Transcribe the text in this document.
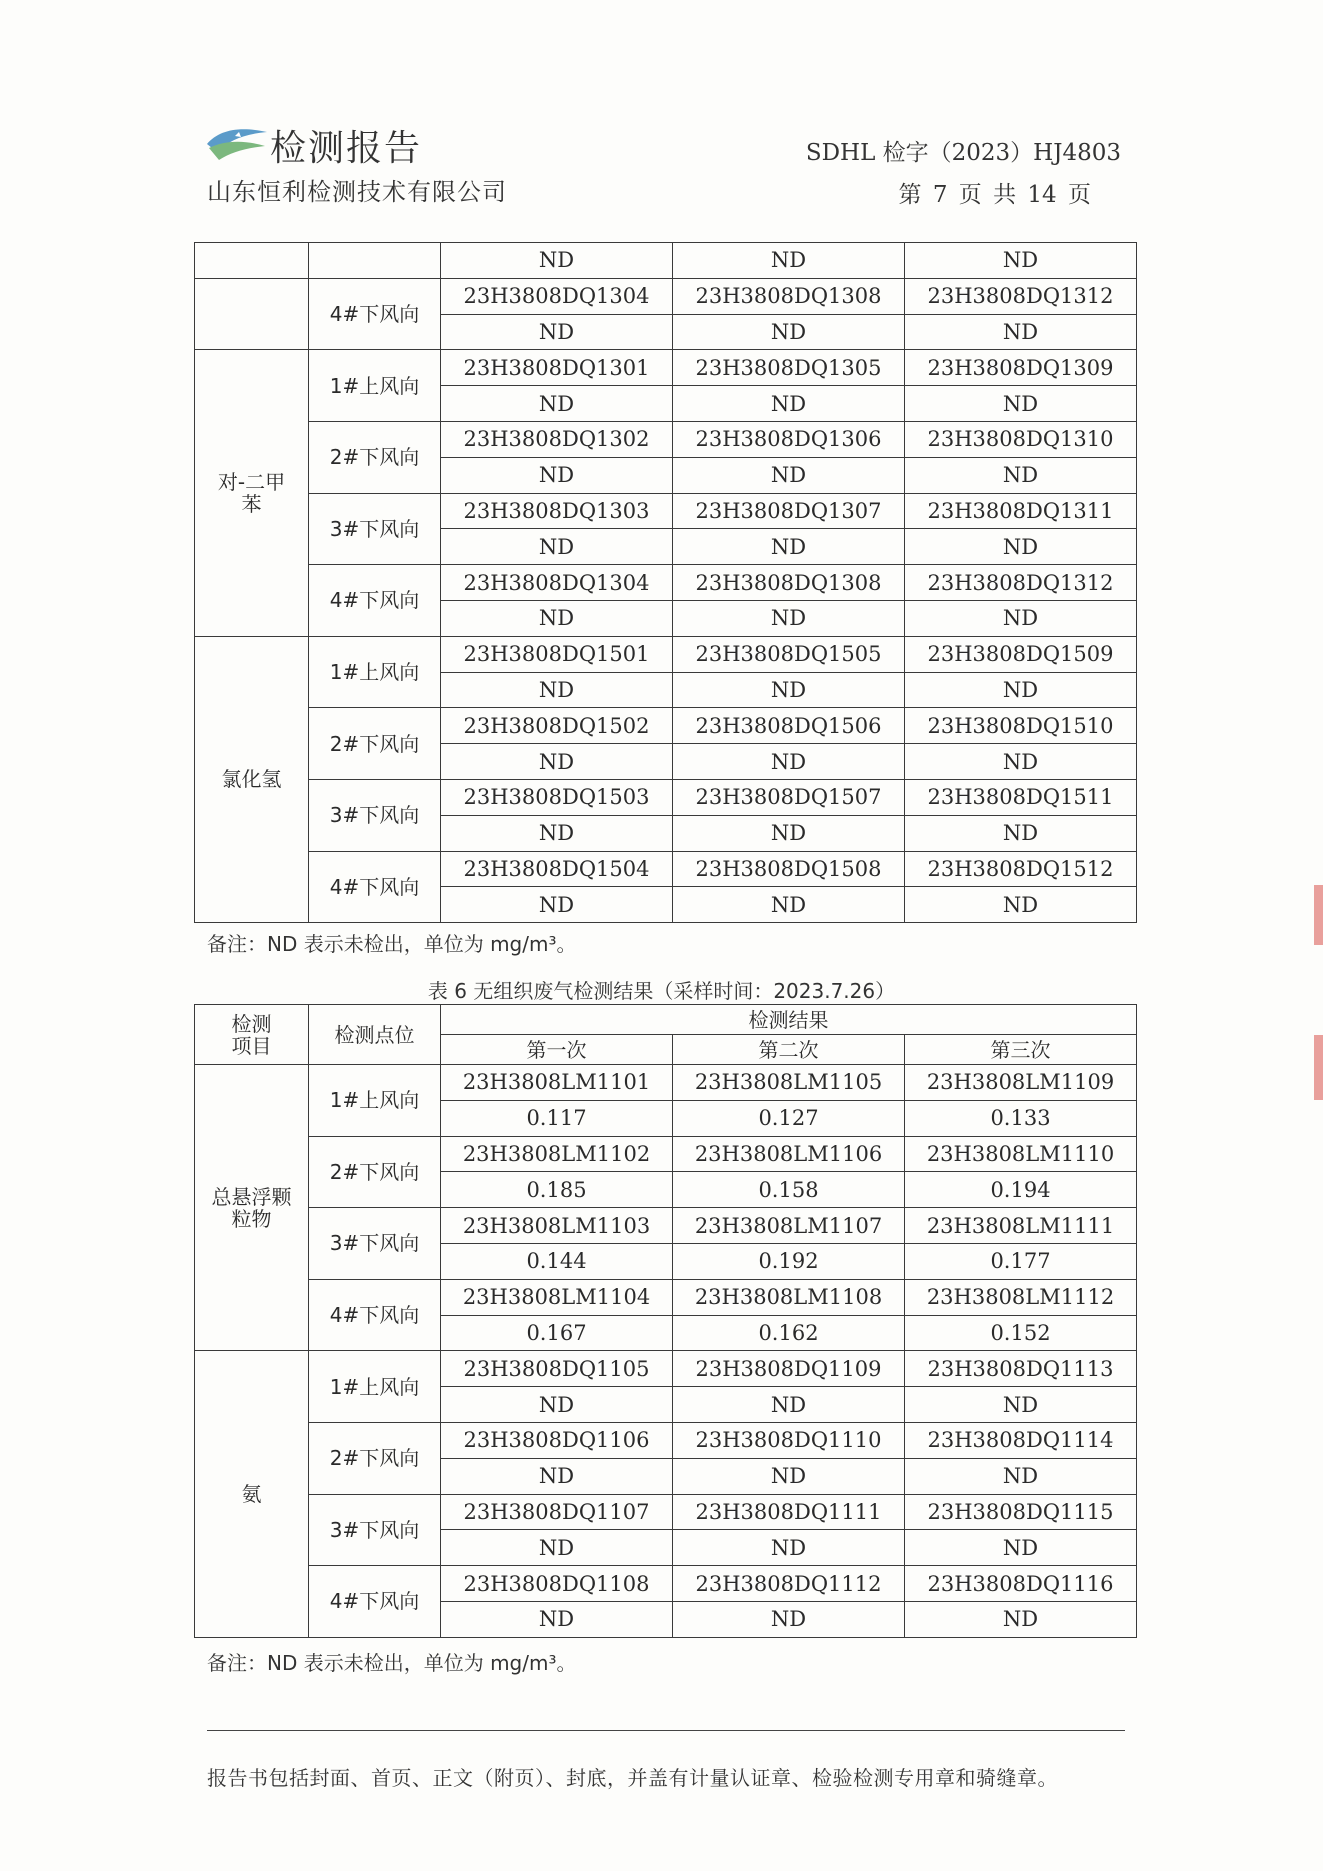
检测报告
山东恒利检测技术有限公司
SDHL 检字（2023）HJ4803
第 7 页 共 14 页
		ND	ND	ND
	4#下风向	23H3808DQ1304	23H3808DQ1308	23H3808DQ1312
		ND	ND	ND
对-二甲苯	1#上风向	23H3808DQ1301	23H3808DQ1305	23H3808DQ1309
		ND	ND	ND
	2#下风向	23H3808DQ1302	23H3808DQ1306	23H3808DQ1310
		ND	ND	ND
	3#下风向	23H3808DQ1303	23H3808DQ1307	23H3808DQ1311
		ND	ND	ND
	4#下风向	23H3808DQ1304	23H3808DQ1308	23H3808DQ1312
		ND	ND	ND
氯化氢	1#上风向	23H3808DQ1501	23H3808DQ1505	23H3808DQ1509
		ND	ND	ND
	2#下风向	23H3808DQ1502	23H3808DQ1506	23H3808DQ1510
		ND	ND	ND
	3#下风向	23H3808DQ1503	23H3808DQ1507	23H3808DQ1511
		ND	ND	ND
	4#下风向	23H3808DQ1504	23H3808DQ1508	23H3808DQ1512
		ND	ND	ND
备注：ND 表示未检出，单位为 mg/m³。
表 6 无组织废气检测结果（采样时间：2023.7.26）
检测项目	检测点位	检测结果		
		第一次	第二次	第三次
总悬浮颗粒物	1#上风向	23H3808LM1101	23H3808LM1105	23H3808LM1109
		0.117	0.127	0.133
	2#下风向	23H3808LM1102	23H3808LM1106	23H3808LM1110
		0.185	0.158	0.194
	3#下风向	23H3808LM1103	23H3808LM1107	23H3808LM1111
		0.144	0.192	0.177
	4#下风向	23H3808LM1104	23H3808LM1108	23H3808LM1112
		0.167	0.162	0.152
氨	1#上风向	23H3808DQ1105	23H3808DQ1109	23H3808DQ1113
		ND	ND	ND
	2#下风向	23H3808DQ1106	23H3808DQ1110	23H3808DQ1114
		ND	ND	ND
	3#下风向	23H3808DQ1107	23H3808DQ1111	23H3808DQ1115
		ND	ND	ND
	4#下风向	23H3808DQ1108	23H3808DQ1112	23H3808DQ1116
		ND	ND	ND
备注：ND 表示未检出，单位为 mg/m³。
报告书包括封面、首页、正文（附页）、封底，并盖有计量认证章、检验检测专用章和骑缝章。
